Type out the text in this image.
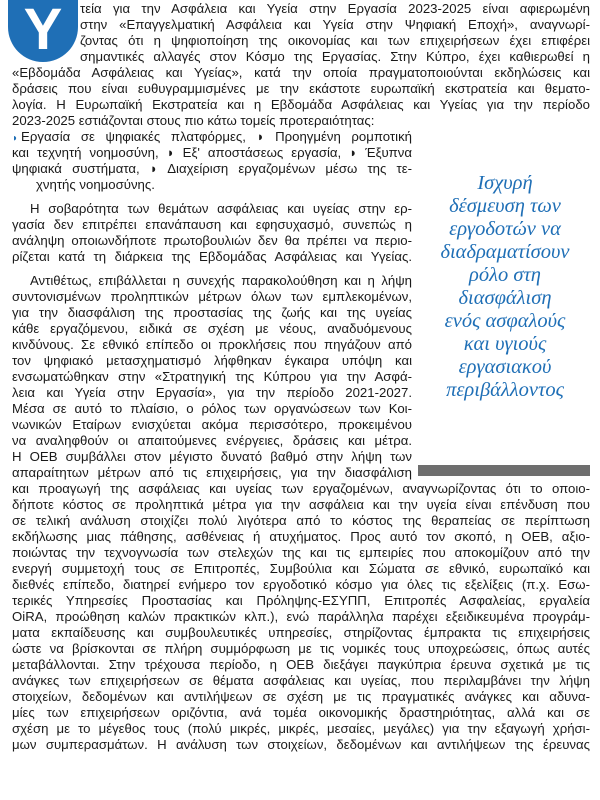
Υ	τεία για την Ασφάλεια και Υγεία στην Εργασία 2023-2025 είναι αφιερωμένη
στην «Επαγγελματική Ασφάλεια και Υγεία στην Ψηφιακή Εποχή», αναγνωρί-
ζοντας ότι η ψηφιοποίηση της οικονομίας και των επιχειρήσεων έχει επιφέρει
σημαντικές αλλαγές στον Κόσμο της Εργασίας. Στην Κύπρο, έχει καθιερωθεί η
«Εβδομάδα Ασφάλειας και Υγείας», κατά την οποία πραγματοποιούνται εκδηλώσεις και
δράσεις που είναι ευθυγραμμισμένες με την εκάστοτε ευρωπαϊκή εκστρατεία και θεματο-
λογία. Η Ευρωπαϊκή Εκστρατεία και η Εβδομάδα Ασφάλειας και Υγείας για την περίοδο
2023-2025 εστιάζονται στους πιο κάτω τομείς προτεραιότητας:
◗ Εργασία σε ψηφιακές πλατφόρμες, ◗ Προηγμένη ρομποτική
και τεχνητή νοημοσύνη, ◗ Εξ' αποστάσεως εργασία, ◗ Έξυπνα
ψηφιακά συστήματα, ◗ Διαχείριση εργαζομένων μέσω της τε-
χνητής νοημοσύνης.
Η σοβαρότητα των θεμάτων ασφάλειας και υγείας στην ερ-
γασία δεν επιτρέπει επανάπαυση και εφησυχασμό, συνεπώς η
ανάληψη οποιωνδήποτε πρωτοβουλιών δεν θα πρέπει να περιο-
ρίζεται κατά τη διάρκεια της Εβδομάδας Ασφάλειας και Υγείας.
Αντιθέτως, επιβάλλεται η συνεχής παρακολούθηση και η λήψη
συντονισμένων προληπτικών μέτρων όλων των εμπλεκομένων,
για την διασφάλιση της προστασίας της ζωής και της υγείας
κάθε εργαζόμενου, ειδικά σε σχέση με νέους, αναδυόμενους
κινδύνους. Σε εθνικό επίπεδο οι προκλήσεις που πηγάζουν από
τον ψηφιακό μετασχηματισμό λήφθηκαν έγκαιρα υπόψη και
ενσωματώθηκαν στην «Στρατηγική της Κύπρου για την Ασφά-
λεια και Υγεία στην Εργασία», για την περίοδο 2021-2027.
Μέσα σε αυτό το πλαίσιο, ο ρόλος των οργανώσεων των Κοι-
νωνικών Εταίρων ενισχύεται ακόμα περισσότερο, προκειμένου
να αναληφθούν οι απαιτούμενες ενέργειες, δράσεις και μέτρα.
Η ΟΕΒ συμβάλλει στον μέγιστο δυνατό βαθμό στην λήψη των
απαραίτητων μέτρων από τις επιχειρήσεις, για την διασφάλιση
και προαγωγή της ασφάλειας και υγείας των εργαζομένων, αναγνωρίζοντας ότι το οποιο-
δήποτε κόστος σε προληπτικά μέτρα για την ασφάλεια και την υγεία είναι επένδυση που
σε τελική ανάλυση στοιχίζει πολύ λιγότερα από το κόστος της θεραπείας σε περίπτωση
εκδήλωσης μιας πάθησης, ασθένειας ή ατυχήματος. Προς αυτό τον σκοπό, η ΟΕΒ, αξιο-
ποιώντας την τεχνογνωσία των στελεχών της και τις εμπειρίες που αποκομίζουν από την
ενεργή συμμετοχή τους σε Επιτροπές, Συμβούλια και Σώματα σε εθνικό, ευρωπαϊκό και
διεθνές επίπεδο, διατηρεί ενήμερο τον εργοδοτικό κόσμο για όλες τις εξελίξεις (π.χ. Εσω-
τερικές Υπηρεσίες Προστασίας και Πρόληψης-ΕΣΥΠΠ, Επιτροπές Ασφαλείας, εργαλεία
OiRA, προώθηση καλών πρακτικών κλπ.), ενώ παράλληλα παρέχει εξειδικευμένα προγράμ-
ματα εκπαίδευσης και συμβουλευτικές υπηρεσίες, στηρίζοντας έμπρακτα τις επιχειρήσεις
ώστε να βρίσκονται σε πλήρη συμμόρφωση με τις νομικές τους υποχρεώσεις, όπως αυτές
μεταβάλλονται. Στην τρέχουσα περίοδο, η ΟΕΒ διεξάγει παγκύπρια έρευνα σχετικά με τις
ανάγκες των επιχειρήσεων σε θέματα ασφάλειας και υγείας, που περιλαμβάνει την λήψη
στοιχείων, δεδομένων και αντιλήψεων σε σχέση με τις πραγματικές ανάγκες και αδυνα-
μίες των επιχειρήσεων οριζόντια, ανά τομέα οικονομικής δραστηριότητας, αλλά και σε
σχέση με το μέγεθος τους (πολύ μικρές, μικρές, μεσαίες, μεγάλες) για την εξαγωγή χρήσι-
μων συμπερασμάτων. Η ανάλυση των στοιχείων, δεδομένων και αντιλήψεων της έρευνας
Ισχυρή
δέσμευση των
εργοδοτών να
διαδραματίσουν
ρόλο στη
διασφάλιση
ενός ασφαλούς
και υγιούς
εργασιακού
περιβάλλοντος
